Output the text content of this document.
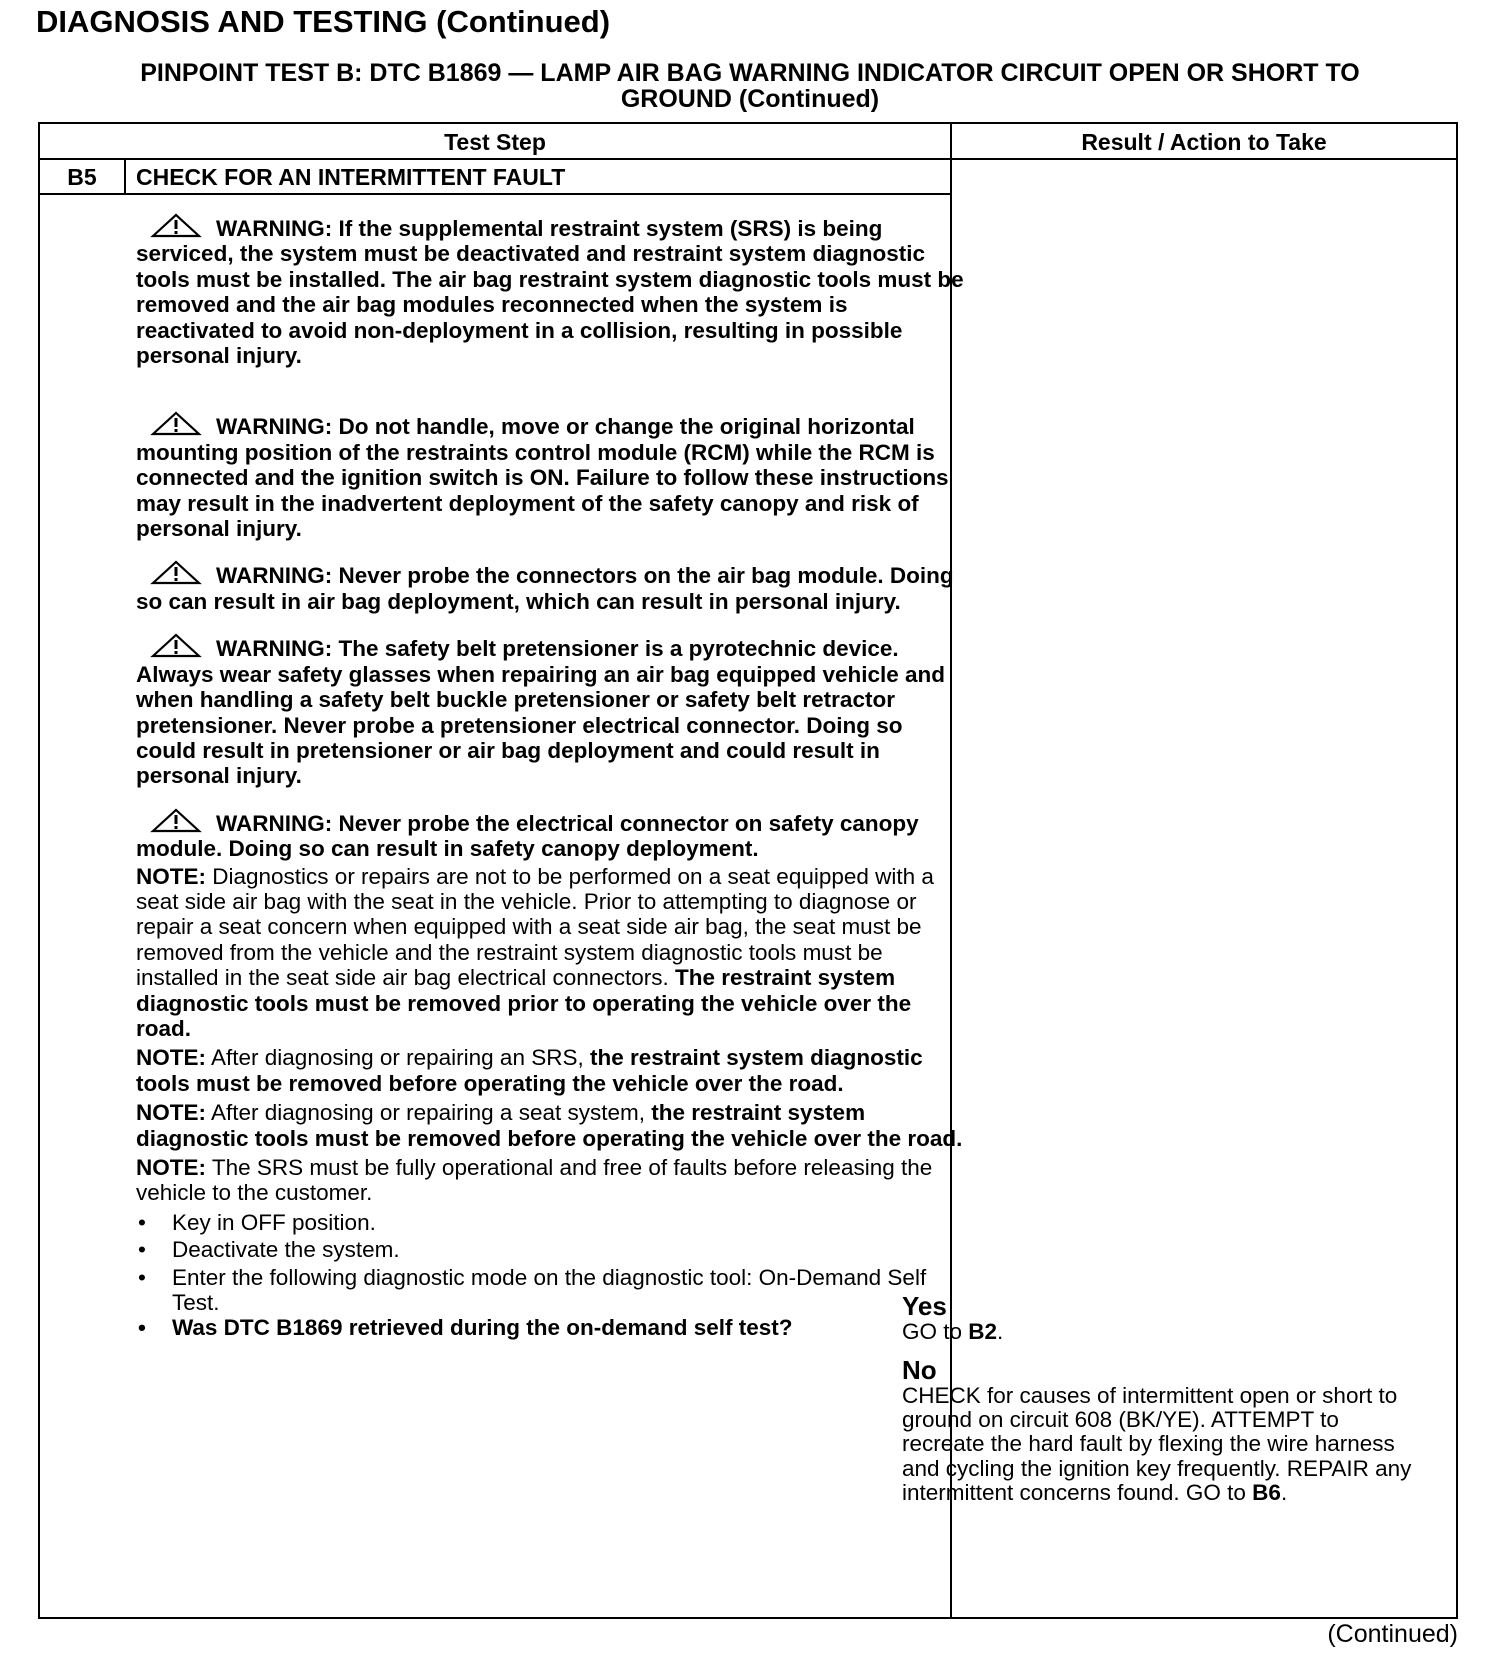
DIAGNOSIS AND TESTING (Continued)
PINPOINT TEST B: DTC B1869 — LAMP AIR BAG WARNING INDICATOR CIRCUIT OPEN OR SHORT TO
GROUND (Continued)
Test Step	Result / Action to Take
B5	CHECK FOR AN INTERMITTENT FAULT

WARNING: If the supplemental restraint system (SRS) is being serviced, the system must be deactivated and restraint system diagnostic tools must be installed. The air bag restraint system diagnostic tools must be removed and the air bag modules reconnected when the system is reactivated to avoid non-deployment in a collision, resulting in possible personal injury.

WARNING: Do not handle, move or change the original horizontal mounting position of the restraints control module (RCM) while the RCM is connected and the ignition switch is ON. Failure to follow these instructions may result in the inadvertent deployment of the safety canopy and risk of personal injury.

WARNING: Never probe the connectors on the air bag module. Doing so can result in air bag deployment, which can result in personal injury.

WARNING: The safety belt pretensioner is a pyrotechnic device. Always wear safety glasses when repairing an air bag equipped vehicle and when handling a safety belt buckle pretensioner or safety belt retractor pretensioner. Never probe a pretensioner electrical connector. Doing so could result in pretensioner or air bag deployment and could result in personal injury.

WARNING: Never probe the electrical connector on safety canopy module. Doing so can result in safety canopy deployment.

NOTE: Diagnostics or repairs are not to be performed on a seat equipped with a seat side air bag with the seat in the vehicle. Prior to attempting to diagnose or repair a seat concern when equipped with a seat side air bag, the seat must be removed from the vehicle and the restraint system diagnostic tools must be installed in the seat side air bag electrical connectors. The restraint system diagnostic tools must be removed prior to operating the vehicle over the road.

NOTE: After diagnosing or repairing an SRS, the restraint system diagnostic tools must be removed before operating the vehicle over the road.

NOTE: After diagnosing or repairing a seat system, the restraint system diagnostic tools must be removed before operating the vehicle over the road.

NOTE: The SRS must be fully operational and free of faults before releasing the vehicle to the customer.

• Key in OFF position.
• Deactivate the system.
• Enter the following diagnostic mode on the diagnostic tool: On-Demand Self Test.
• Was DTC B1869 retrieved during the on-demand self test?
Yes
GO to B2.
No
CHECK for causes of intermittent open or short to ground on circuit 608 (BK/YE). ATTEMPT to recreate the hard fault by flexing the wire harness and cycling the ignition key frequently. REPAIR any intermittent concerns found. GO to B6.
(Continued)
